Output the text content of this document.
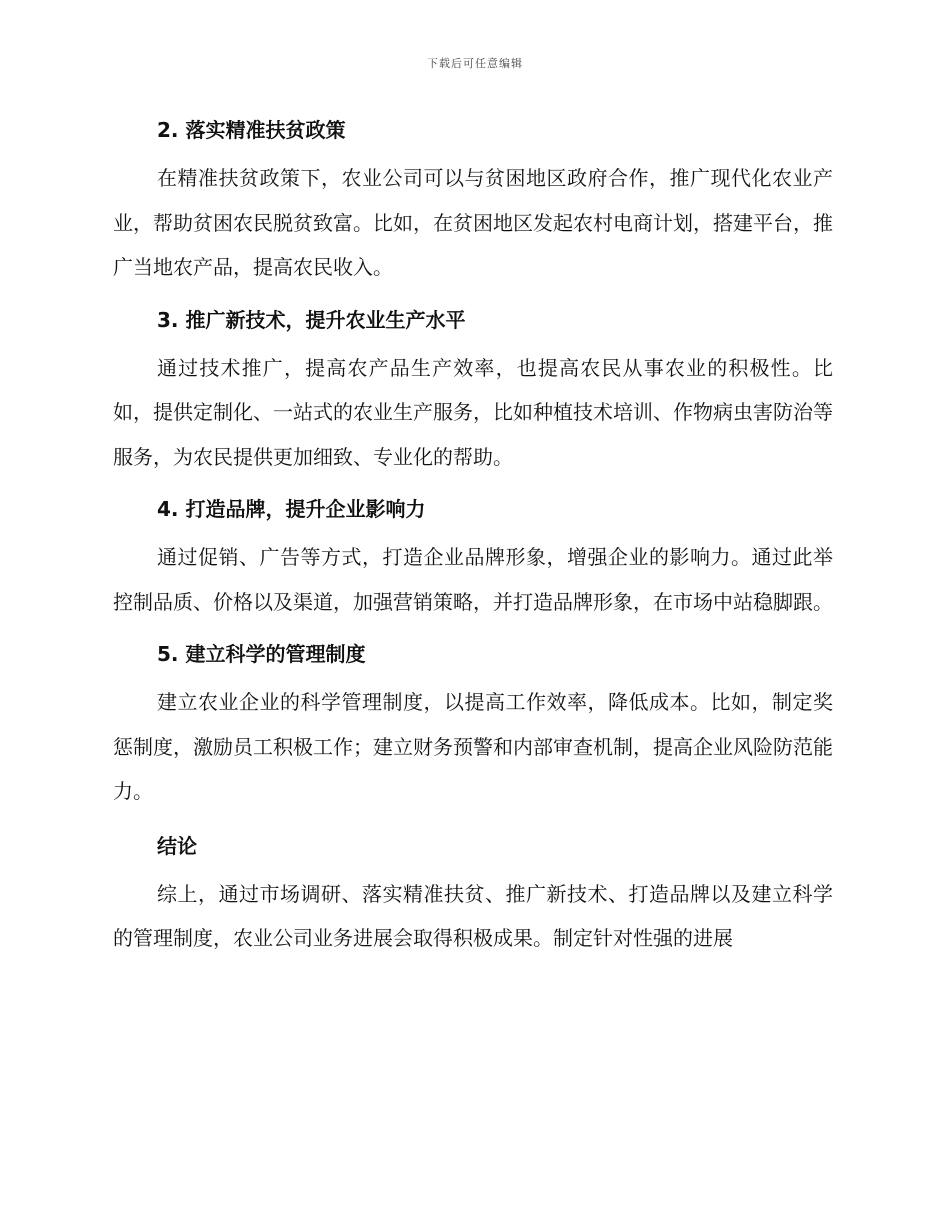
下载后可任意编辑
2. 落实精准扶贫政策

在精准扶贫政策下，农业公司可以与贫困地区政府合作，推广现代化农业产业，帮助贫困农民脱贫致富。比如，在贫困地区发起农村电商计划，搭建平台，推广当地农产品，提高农民收入。

3. 推广新技术，提升农业生产水平

通过技术推广，提高农产品生产效率，也提高农民从事农业的积极性。比如，提供定制化、一站式的农业生产服务，比如种植技术培训、作物病虫害防治等服务，为农民提供更加细致、专业化的帮助。

4. 打造品牌，提升企业影响力

通过促销、广告等方式，打造企业品牌形象，增强企业的影响力。通过此举控制品质、价格以及渠道，加强营销策略，并打造品牌形象，在市场中站稳脚跟。

5. 建立科学的管理制度

建立农业企业的科学管理制度，以提高工作效率，降低成本。比如，制定奖惩制度，激励员工积极工作；建立财务预警和内部审查机制，提高企业风险防范能力。

结论

综上，通过市场调研、落实精准扶贫、推广新技术、打造品牌以及建立科学的管理制度，农业公司业务进展会取得积极成果。制定针对性强的进展
